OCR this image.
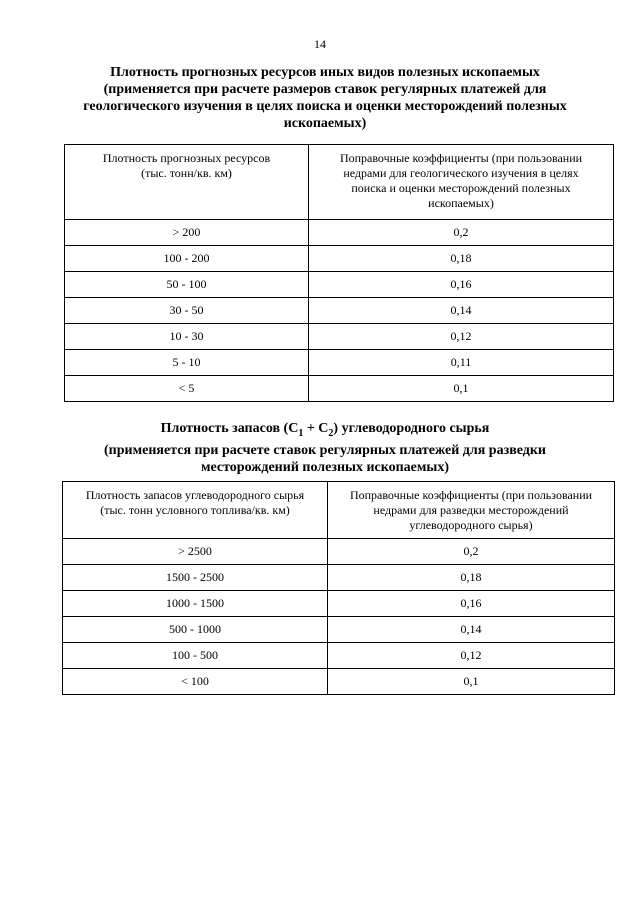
14
Плотность прогнозных ресурсов иных видов полезных ископаемых
(применяется при расчете размеров ставок регулярных платежей для
геологического изучения в целях поиска и оценки месторождений полезных
ископаемых)
Плотность прогнозных ресурсов
(тыс. тонн/кв. км)	Поправочные коэффициенты (при пользовании
недрами для геологического изучения в целях
поиска и оценки месторождений полезных
ископаемых)

> 200	0,2
100 - 200	0,18
50 - 100	0,16
30 - 50	0,14
10 - 30	0,12
5 - 10	0,11
< 5	0,1
Плотность запасов $(С_1 + С_2)$ углеводородного сырья
(применяется при расчете ставок регулярных платежей для разведки
месторождений полезных ископаемых)
Плотность запасов углеводородного сырья
(тыс. тонн условного топлива/кв. км)	Поправочные коэффициенты (при пользовании
недрами для разведки месторождений
углеводородного сырья)

> 2500	0,2
1500 - 2500	0,18
1000 - 1500	0,16
500 - 1000	0,14
100 - 500	0,12
< 100	0,1
